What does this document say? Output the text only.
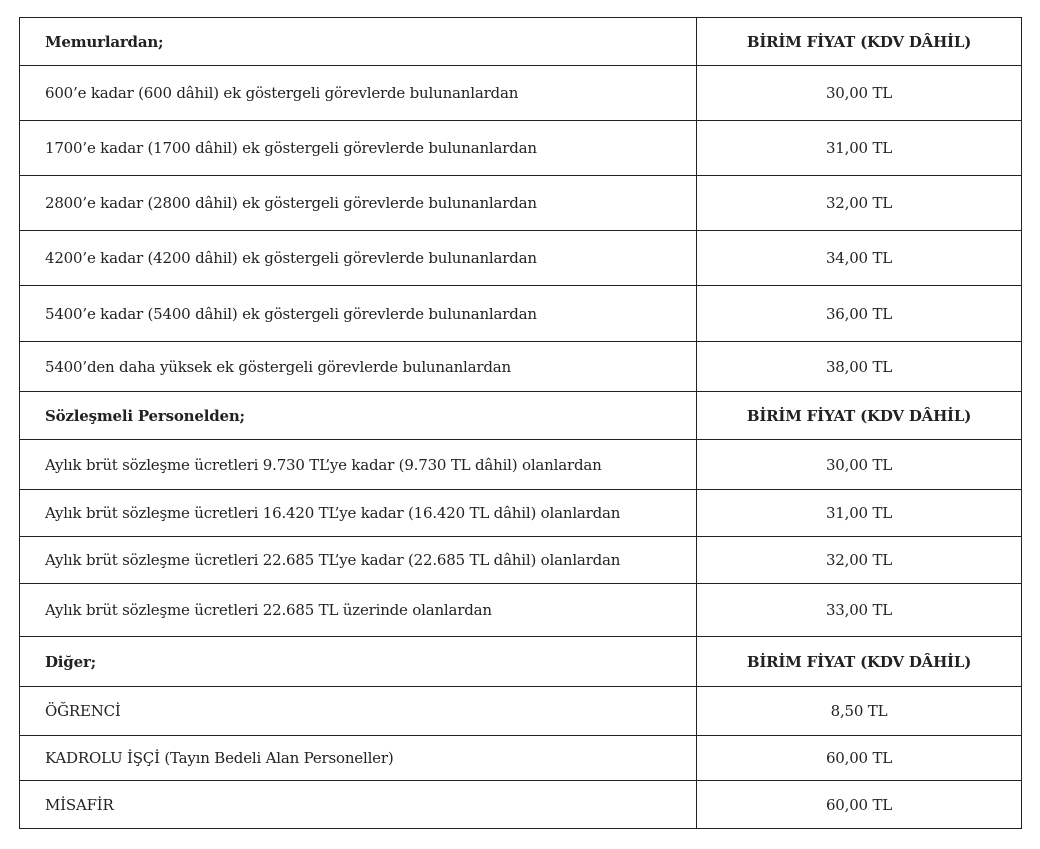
Memurlardan;	BİRİM FİYAT (KDV DÂHİL)
600’e kadar (600 dâhil) ek göstergeli görevlerde bulunanlardan	30,00 TL
1700’e kadar (1700 dâhil) ek göstergeli görevlerde bulunanlardan	31,00 TL
2800’e kadar (2800 dâhil) ek göstergeli görevlerde bulunanlardan	32,00 TL
4200’e kadar (4200 dâhil) ek göstergeli görevlerde bulunanlardan	34,00 TL
5400’e kadar (5400 dâhil) ek göstergeli görevlerde bulunanlardan	36,00 TL
5400’den daha yüksek ek göstergeli görevlerde bulunanlardan	38,00 TL
Sözleşmeli Personelden;	BİRİM FİYAT (KDV DÂHİL)
Aylık brüt sözleşme ücretleri 9.730 TL’ye kadar (9.730 TL dâhil) olanlardan	30,00 TL
Aylık brüt sözleşme ücretleri 16.420 TL’ye kadar (16.420 TL dâhil) olanlardan	31,00 TL
Aylık brüt sözleşme ücretleri 22.685 TL’ye kadar (22.685 TL dâhil) olanlardan	32,00 TL
Aylık brüt sözleşme ücretleri 22.685 TL üzerinde olanlardan	33,00 TL
Diğer;	BİRİM FİYAT (KDV DÂHİL)
ÖĞRENCİ	8,50 TL
KADROLU İŞÇİ (Tayın Bedeli Alan Personeller)	60,00 TL
MİSAFİR	60,00 TL
